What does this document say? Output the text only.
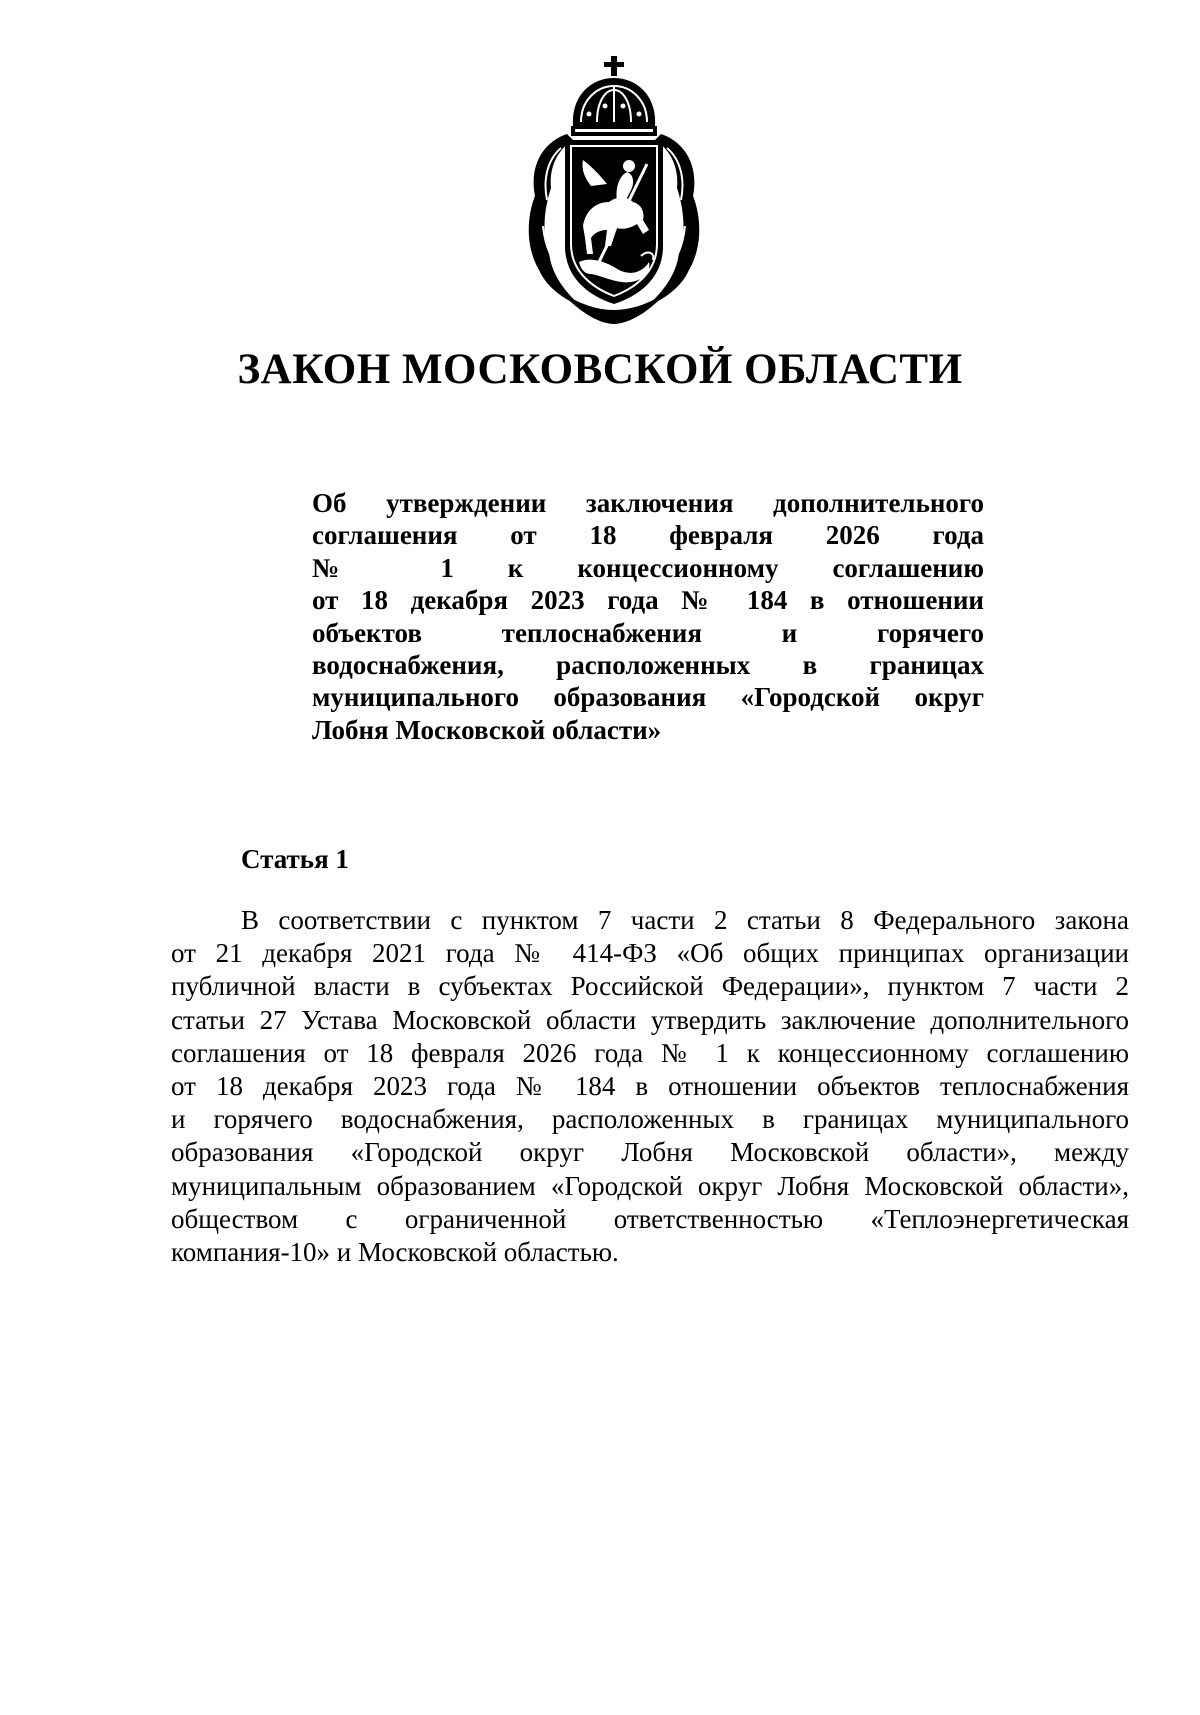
ЗАКОН МОСКОВСКОЙ ОБЛАСТИ

Об утверждении заключения дополнительного
соглашения от 18 февраля 2026 года
№ 1 к концессионному соглашению
от 18 декабря 2023 года № 184 в отношении
объектов теплоснабжения и горячего
водоснабжения, расположенных в границах
муниципального образования «Городской округ
Лобня Московской области»

Статья 1

В соответствии с пунктом 7 части 2 статьи 8 Федерального закона
от 21 декабря 2021 года № 414-ФЗ «Об общих принципах организации
публичной власти в субъектах Российской Федерации», пунктом 7 части 2
статьи 27 Устава Московской области утвердить заключение дополнительного
соглашения от 18 февраля 2026 года № 1 к концессионному соглашению
от 18 декабря 2023 года № 184 в отношении объектов теплоснабжения
и горячего водоснабжения, расположенных в границах муниципального
образования «Городской округ Лобня Московской области», между
муниципальным образованием «Городской округ Лобня Московской области»,
обществом с ограниченной ответственностью «Теплоэнергетическая
компания-10» и Московской областью.
